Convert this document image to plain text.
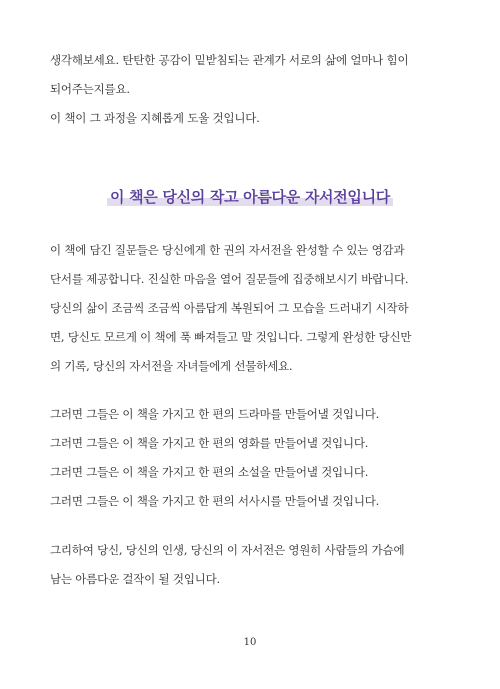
생각해보세요. 탄탄한 공감이 밑받침되는 관계가 서로의 삶에 얼마나 힘이
되어주는지를요.
이 책이 그 과정을 지혜롭게 도울 것입니다.

이 책은 당신의 작고 아름다운 자서전입니다

이 책에 담긴 질문들은 당신에게 한 권의 자서전을 완성할 수 있는 영감과
단서를 제공합니다. 진실한 마음을 열어 질문들에 집중해보시기 바랍니다.
당신의 삶이 조금씩 조금씩 아름답게 복원되어 그 모습을 드러내기 시작하
면, 당신도 모르게 이 책에 푹 빠져들고 말 것입니다. 그렇게 완성한 당신만
의 기록, 당신의 자서전을 자녀들에게 선물하세요.

그러면 그들은 이 책을 가지고 한 편의 드라마를 만들어낼 것입니다.
그러면 그들은 이 책을 가지고 한 편의 영화를 만들어낼 것입니다.
그러면 그들은 이 책을 가지고 한 편의 소설을 만들어낼 것입니다.
그러면 그들은 이 책을 가지고 한 편의 서사시를 만들어낼 것입니다.

그리하여 당신, 당신의 인생, 당신의 이 자서전은 영원히 사람들의 가슴에
남는 아름다운 걸작이 될 것입니다.

10
